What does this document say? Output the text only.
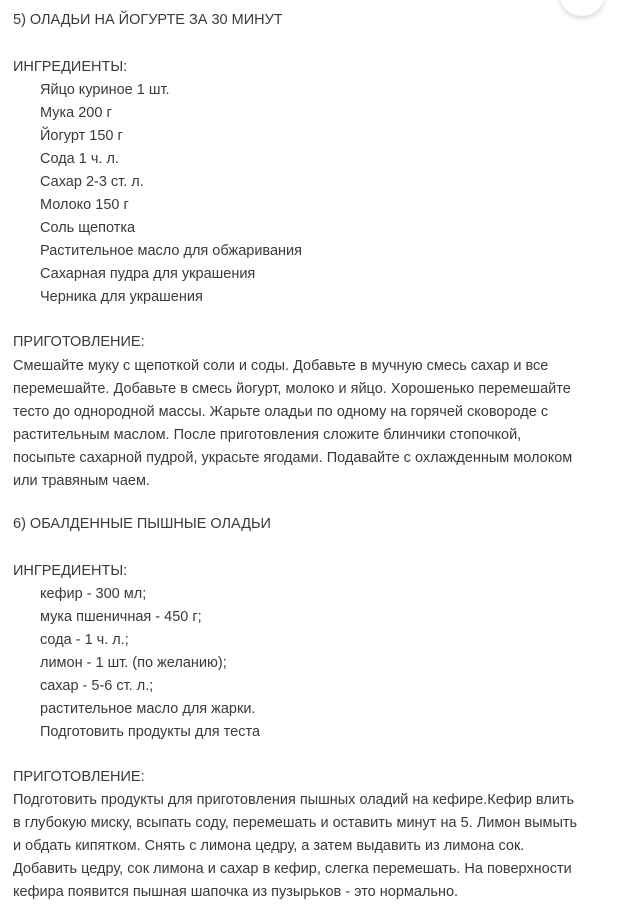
5) ОЛАДЬИ НА ЙОГУРТЕ ЗА 30 МИНУТ
ИНГРЕДИЕНТЫ:
Яйцо куриное 1 шт.
Мука 200 г
Йогурт 150 г
Сода 1 ч. л.
Сахар 2-3 ст. л.
Молоко 150 г
Соль щепотка
Растительное масло для обжаривания
Сахарная пудра для украшения
Черника для украшения
ПРИГОТОВЛЕНИЕ:
Смешайте муку с щепоткой соли и соды. Добавьте в мучную смесь сахар и все
перемешайте. Добавьте в смесь йогурт, молоко и яйцо. Хорошенько перемешайте
тесто до однородной массы. Жарьте оладьи по одному на горячей сковороде с
растительным маслом. После приготовления сложите блинчики стопочкой,
посыпьте сахарной пудрой, украсьте ягодами. Подавайте с охлажденным молоком
или травяным чаем.
6) ОБАЛДЕННЫЕ ПЫШНЫЕ ОЛАДЬИ
ИНГРЕДИЕНТЫ:
кефир - 300 мл;
мука пшеничная - 450 г;
сода - 1 ч. л.;
лимон - 1 шт. (по желанию);
сахар - 5-6 ст. л.;
растительное масло для жарки.
Подготовить продукты для теста
ПРИГОТОВЛЕНИЕ:
Подготовить продукты для приготовления пышных оладий на кефире.Кефир влить
в глубокую миску, всыпать соду, перемешать и оставить минут на 5. Лимон вымыть
и обдать кипятком. Снять с лимона цедру, а затем выдавить из лимона сок.
Добавить цедру, сок лимона и сахар в кефир, слегка перемешать. На поверхности
кефира появится пышная шапочка из пузырьков - это нормально.
